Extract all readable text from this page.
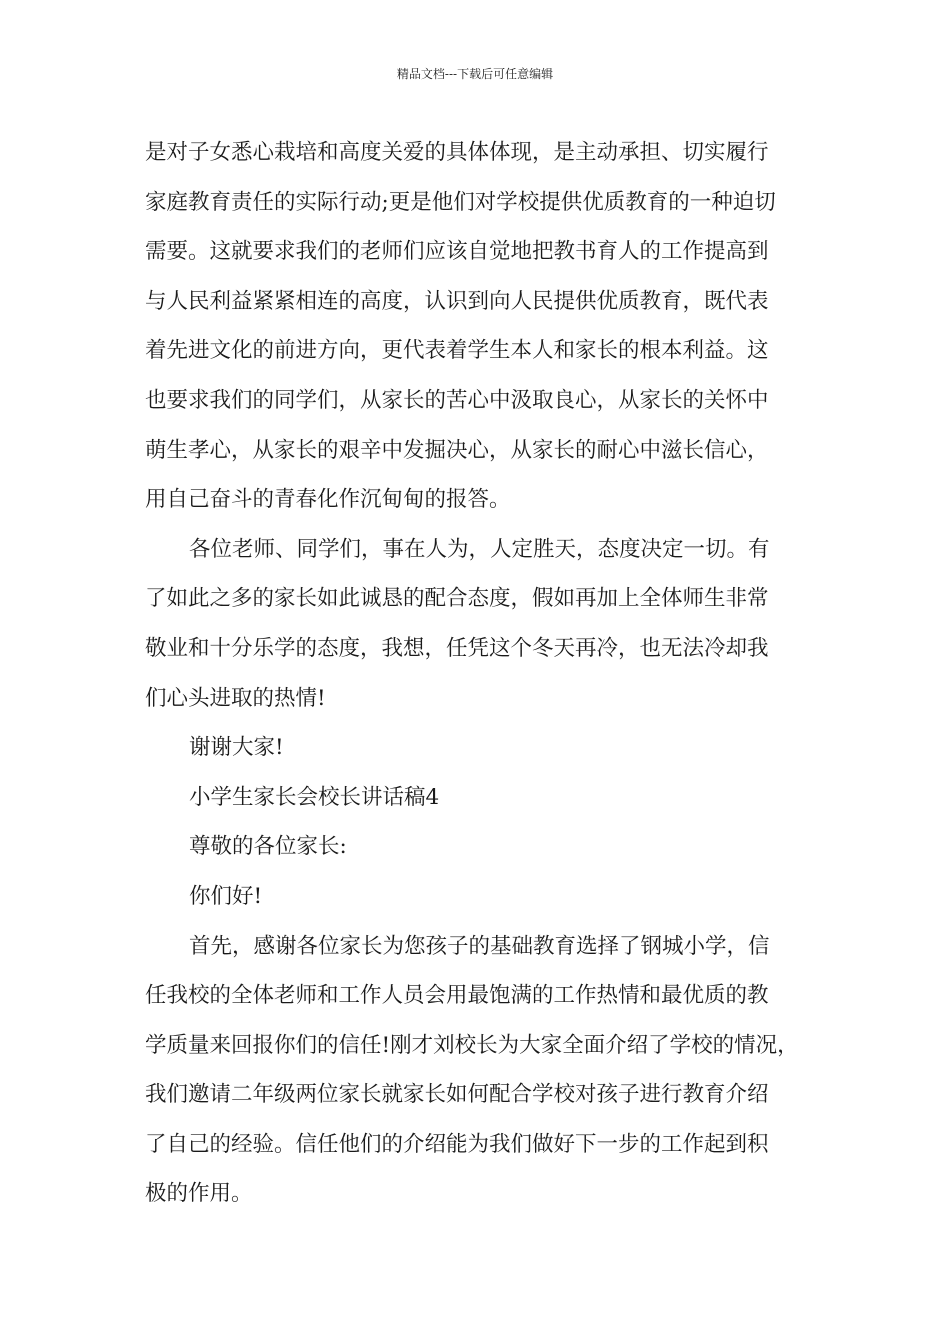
精品文档---下载后可任意编辑
是对子女悉心栽培和高度关爱的具体体现，是主动承担、切实履行
家庭教育责任的实际行动;更是他们对学校提供优质教育的一种迫切
需要。这就要求我们的老师们应该自觉地把教书育人的工作提高到
与人民利益紧紧相连的高度，认识到向人民提供优质教育，既代表
着先进文化的前进方向，更代表着学生本人和家长的根本利益。这
也要求我们的同学们，从家长的苦心中汲取良心，从家长的关怀中
萌生孝心，从家长的艰辛中发掘决心，从家长的耐心中滋长信心，
用自己奋斗的青春化作沉甸甸的报答。
各位老师、同学们，事在人为，人定胜天，态度决定一切。有
了如此之多的家长如此诚恳的配合态度，假如再加上全体师生非常
敬业和十分乐学的态度，我想，任凭这个冬天再冷，也无法冷却我
们心头进取的热情!
谢谢大家!
小学生家长会校长讲话稿4
尊敬的各位家长:
你们好!
首先，感谢各位家长为您孩子的基础教育选择了钢城小学，信
任我校的全体老师和工作人员会用最饱满的工作热情和最优质的教
学质量来回报你们的信任!刚才刘校长为大家全面介绍了学校的情况，
我们邀请二年级两位家长就家长如何配合学校对孩子进行教育介绍
了自己的经验。信任他们的介绍能为我们做好下一步的工作起到积
极的作用。
